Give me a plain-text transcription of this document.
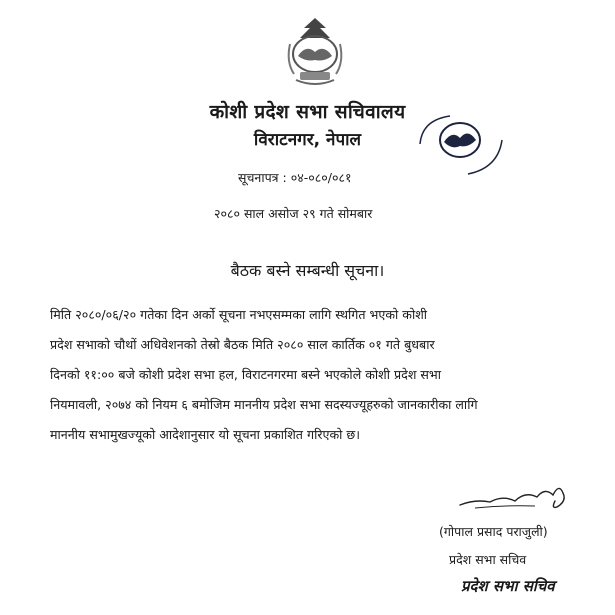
कोशी प्रदेश सभा सचिवालय
विराटनगर, नेपाल
सूचनापत्र : ०४-०८०/०८१
२०८० साल असोज २९ गते सोमबार
बैठक बस्ने सम्बन्धी सूचना।
मिति २०८०/०६/२० गतेका दिन अर्को सूचना नभएसम्मका लागि स्थगित भएको कोशी
प्रदेश सभाको चौथों अधिवेशनको तेस्रो बैठक मिति २०८० साल कार्तिक ०१ गते बुधबार
दिनको ११:०० बजे कोशी प्रदेश सभा हल, विराटनगरमा बस्ने भएकोले कोशी प्रदेश सभा
नियमावली, २०७४ को नियम ६ बमोजिम माननीय प्रदेश सभा सदस्यज्यूहरुको जानकारीका लागि
माननीय सभामुखज्यूको आदेशानुसार यो सूचना प्रकाशित गरिएको छ।
(गोपाल प्रसाद पराजुली)
प्रदेश सभा सचिव
प्रदेश सभा सचिव
